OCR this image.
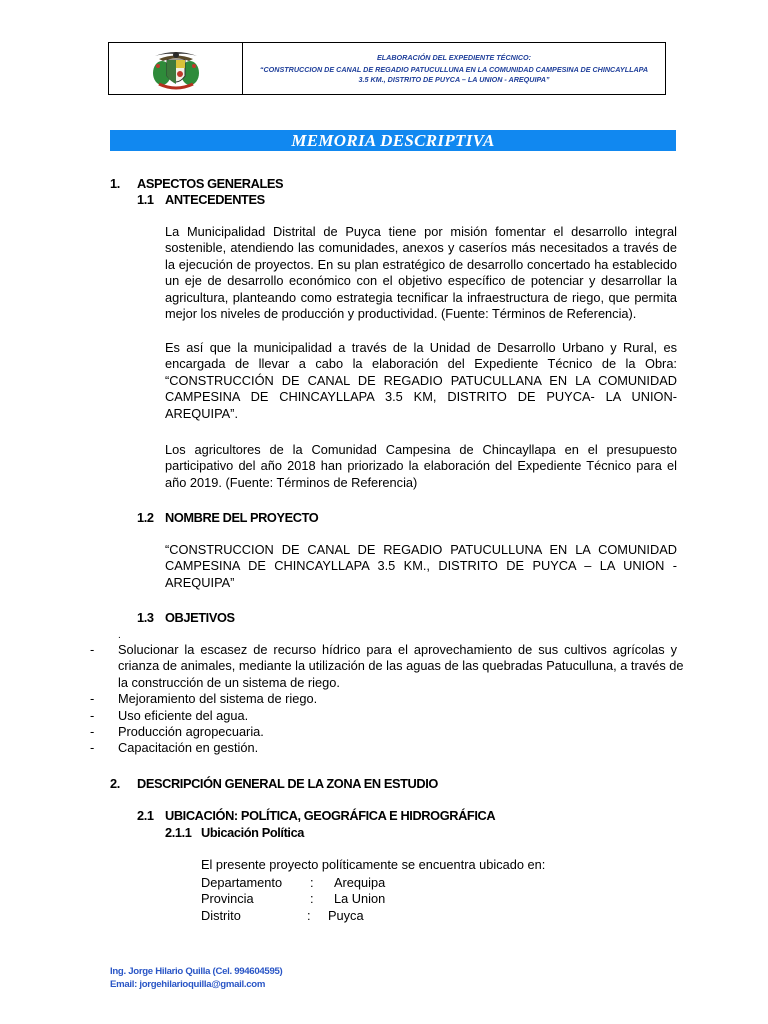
ELABORACIÓN DEL EXPEDIENTE TÉCNICO:
“CONSTRUCCION DE CANAL DE REGADIO PATUCULLUNA EN LA COMUNIDAD CAMPESINA DE CHINCAYLLAPA
3.5 KM., DISTRITO DE PUYCA – LA UNION - AREQUIPA”
MEMORIA DESCRIPTIVA
1. ASPECTOS GENERALES
1.1 ANTECEDENTES
La Municipalidad Distrital de Puyca tiene por misión fomentar el desarrollo integral
sostenible, atendiendo las comunidades, anexos y caseríos más necesitados a través de
la ejecución de proyectos. En su plan estratégico de desarrollo concertado ha establecido
un eje de desarrollo económico con el objetivo específico de potenciar y desarrollar la
agricultura, planteando como estrategia tecnificar la infraestructura de riego, que permita
mejor los niveles de producción y productividad. (Fuente: Términos de Referencia).
Es así que la municipalidad a través de la Unidad de Desarrollo Urbano y Rural, es
encargada de llevar a cabo la elaboración del Expediente Técnico de la Obra:
“CONSTRUCCIÓN DE CANAL DE REGADIO PATUCULLANA EN LA COMUNIDAD
CAMPESINA DE CHINCAYLLAPA 3.5 KM, DISTRITO DE PUYCA- LA UNION-
AREQUIPA”.
Los agricultores de la Comunidad Campesina de Chincayllapa en el presupuesto
participativo del año 2018 han priorizado la elaboración del Expediente Técnico para el
año 2019. (Fuente: Términos de Referencia)
1.2 NOMBRE DEL PROYECTO
“CONSTRUCCION DE CANAL DE REGADIO PATUCULLUNA EN LA COMUNIDAD
CAMPESINA DE CHINCAYLLAPA 3.5 KM., DISTRITO DE PUYCA – LA UNION -
AREQUIPA”
1.3 OBJETIVOS
.
- Solucionar la escasez de recurso hídrico para el aprovechamiento de sus cultivos agrícolas y
crianza de animales, mediante la utilización de las aguas de las quebradas Patuculluna, a través de
la construcción de un sistema de riego.
- Mejoramiento del sistema de riego.
- Uso eficiente del agua.
- Producción agropecuaria.
- Capacitación en gestión.
2. DESCRIPCIÓN GENERAL DE LA ZONA EN ESTUDIO
2.1 UBICACIÓN: POLÍTICA, GEOGRÁFICA E HIDROGRÁFICA
2.1.1 Ubicación Política
El presente proyecto políticamente se encuentra ubicado en:
Departamento : Arequipa
Provincia	: La Union
Distrito	: Puyca
Ing. Jorge Hilario Quilla (Cel. 994604595)
Email: jorgehilarioquilla@gmail.com
